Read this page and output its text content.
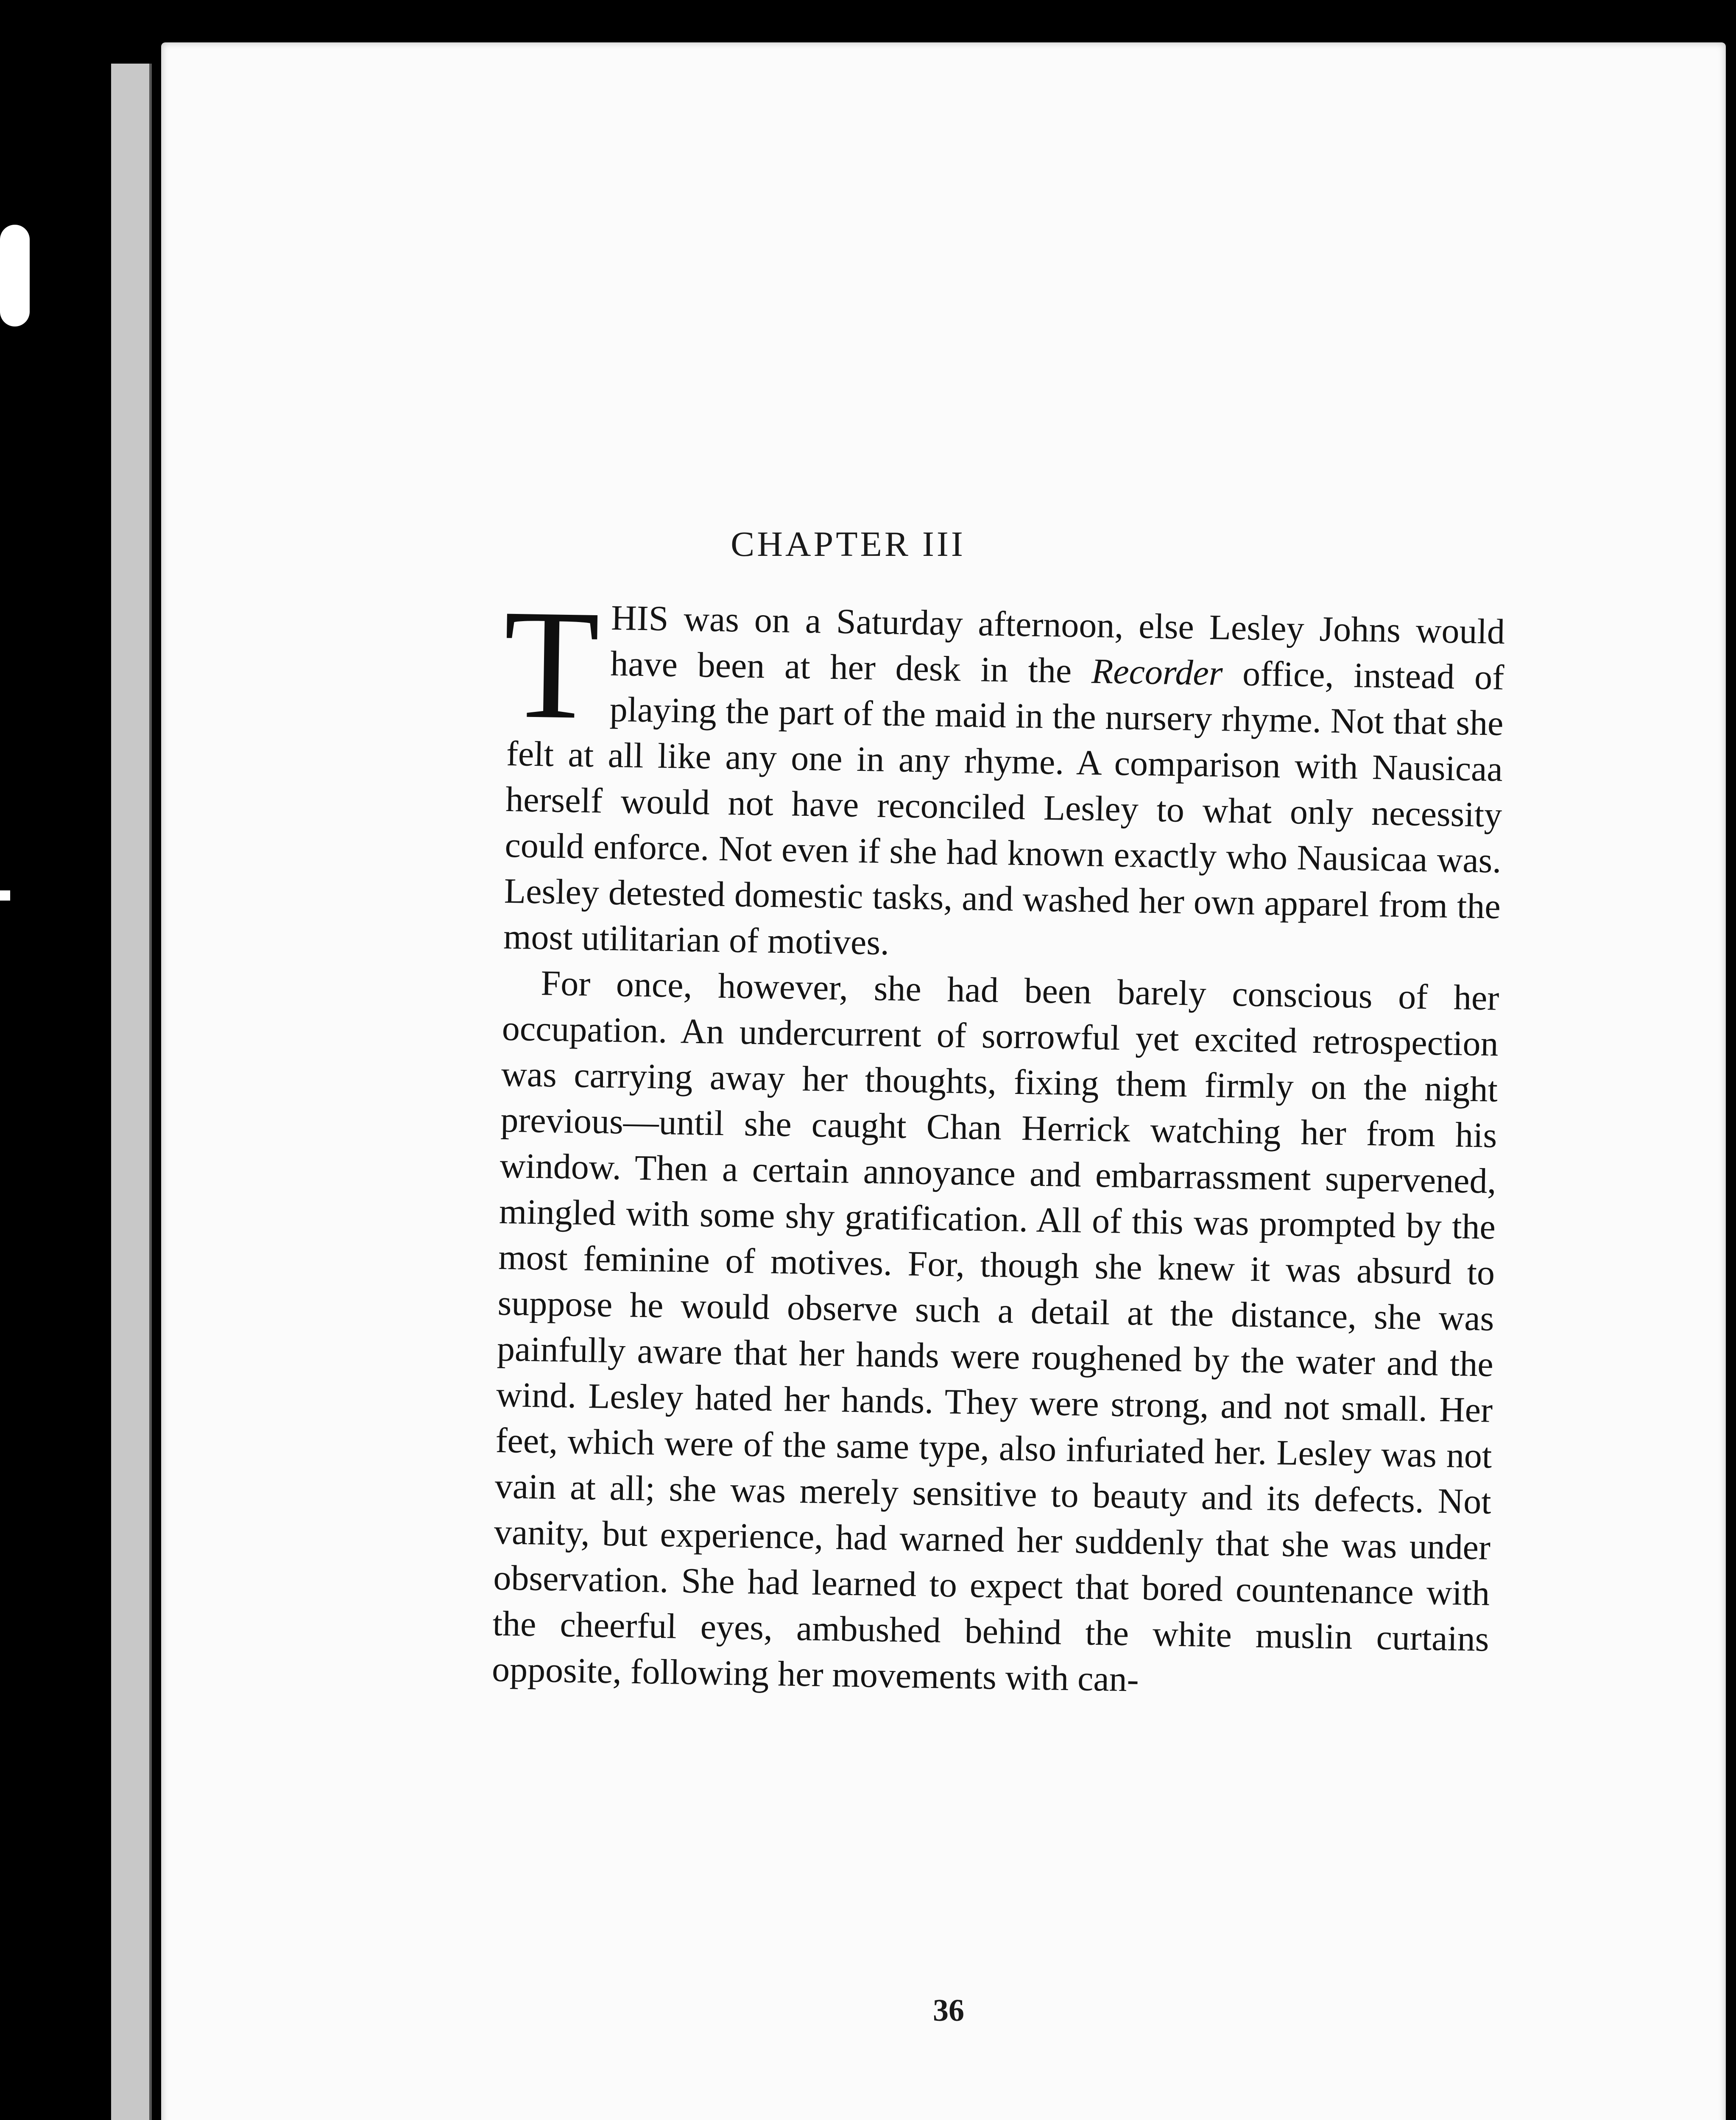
CHAPTER III

THIS was on a Saturday afternoon, else Lesley Johns would have been at her desk in the Recorder office, instead of playing the part of the maid in the nursery rhyme. Not that she felt at all like any one in any rhyme. A comparison with Nausicaa herself would not have reconciled Lesley to what only necessity could enforce. Not even if she had known exactly who Nausicaa was. Lesley detested domestic tasks, and washed her own apparel from the most utilitarian of motives.

For once, however, she had been barely conscious of her occupation. An undercurrent of sorrowful yet excited retrospection was carrying away her thoughts, fixing them firmly on the night previous—until she caught Chan Herrick watching her from his window. Then a certain annoyance and embarrassment supervened, mingled with some shy gratification. All of this was prompted by the most feminine of motives. For, though she knew it was absurd to suppose he would observe such a detail at the distance, she was painfully aware that her hands were roughened by the water and the wind. Lesley hated her hands. They were strong, and not small. Her feet, which were of the same type, also infuriated her. Lesley was not vain at all; she was merely sensitive to beauty and its defects. Not vanity, but experience, had warned her suddenly that she was under observation. She had learned to expect that bored countenance with the cheerful eyes, ambushed behind the white muslin curtains opposite, following her movements with can-

36
